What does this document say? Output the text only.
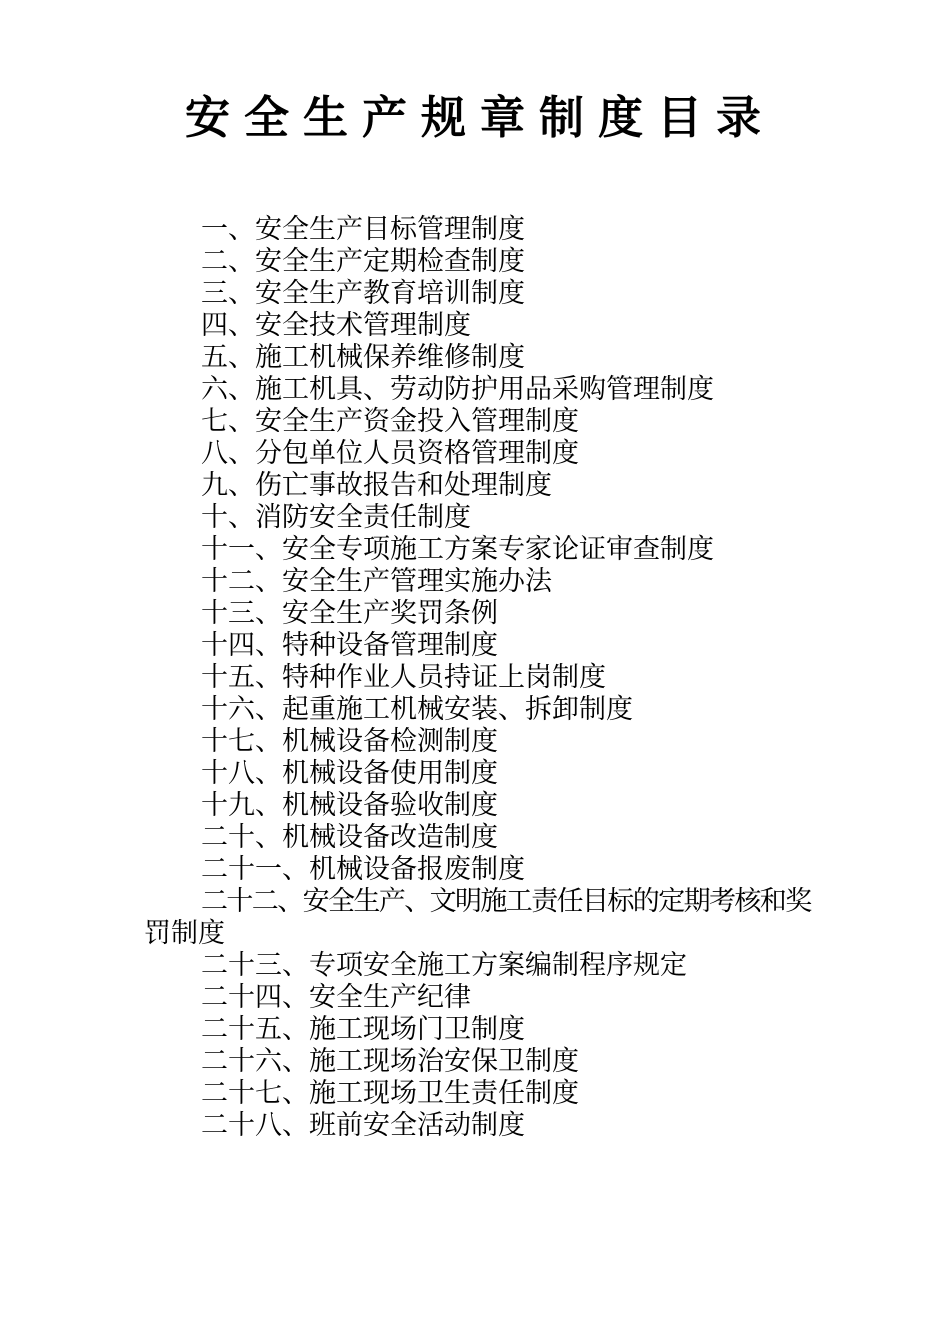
安全生产规章制度目录
一、安全生产目标管理制度
二、安全生产定期检查制度
三、安全生产教育培训制度
四、安全技术管理制度
五、施工机械保养维修制度
六、施工机具、劳动防护用品采购管理制度
七、安全生产资金投入管理制度
八、分包单位人员资格管理制度
九、伤亡事故报告和处理制度
十、消防安全责任制度
十一、安全专项施工方案专家论证审查制度
十二、安全生产管理实施办法
十三、安全生产奖罚条例
十四、特种设备管理制度
十五、特种作业人员持证上岗制度
十六、起重施工机械安装、拆卸制度
十七、机械设备检测制度
十八、机械设备使用制度
十九、机械设备验收制度
二十、机械设备改造制度
二十一、机械设备报废制度
二十二、安全生产、文明施工责任目标的定期考核和奖
罚制度
二十三、专项安全施工方案编制程序规定
二十四、安全生产纪律
二十五、施工现场门卫制度
二十六、施工现场治安保卫制度
二十七、施工现场卫生责任制度
二十八、班前安全活动制度
